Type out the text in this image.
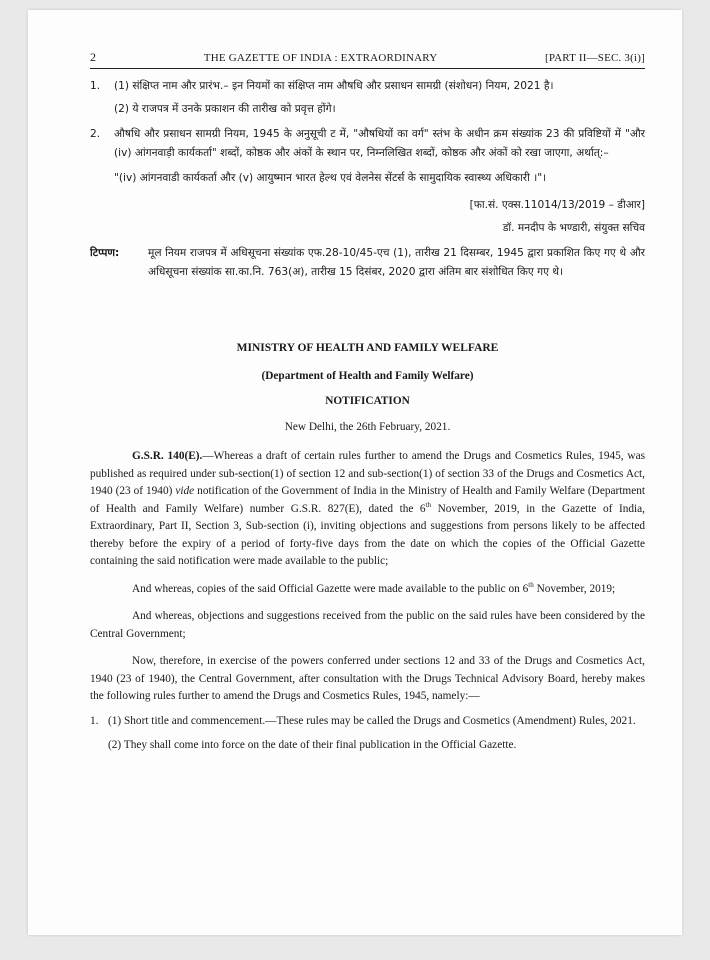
2	THE GAZETTE OF INDIA : EXTRAORDINARY	[PART II—SEC. 3(i)]
1.	(1) संक्षिप्त नाम और प्रारंभ.– इन नियमों का संक्षिप्त नाम औषधि और प्रसाधन सामग्री (संशोधन) नियम, 2021 है।
(2) ये राजपत्र में उनके प्रकाशन की तारीख को प्रवृत्त होंगे।
2.	औषधि और प्रसाधन सामग्री नियम, 1945 के अनुसूची ट में, "औषधियों का वर्ग" स्तंभ के अधीन क्रम संख्यांक 23 की प्रविष्टियों में "और (iv) आंगनवाड़ी कार्यकर्ता" शब्दों, कोष्ठक और अंकों के स्थान पर, निम्नलिखित शब्दों, कोष्ठक और अंकों को रखा जाएगा, अर्थात्:–
"(iv) आंगनवाडी कार्यकर्ता और (v) आयुष्मान भारत हेल्थ एवं वेलनेस सेंटर्स के सामुदायिक स्वास्थ्य अधिकारी ।"।
[फा.सं. एक्स.11014/13/2019 – डीआर]
डॉ. मनदीप के भण्डारी, संयुक्त सचिव
टिप्पण:	मूल नियम राजपत्र में अधिसूचना संख्यांक एफ.28-10/45-एच (1), तारीख 21 दिसम्बर, 1945 द्वारा प्रकाशित किए गए थे और अधिसूचना संख्यांक सा.का.नि. 763(अ), तारीख 15 दिसंबर, 2020 द्वारा अंतिम बार संशोधित किए गए थे।
MINISTRY OF HEALTH AND FAMILY WELFARE
(Department of Health and Family Welfare)
NOTIFICATION
New Delhi, the 26th February, 2021.
G.S.R. 140(E).—Whereas a draft of certain rules further to amend the Drugs and Cosmetics Rules, 1945, was published as required under sub-section(1) of section 12 and sub-section(1) of section 33 of the Drugs and Cosmetics Act, 1940 (23 of 1940) vide notification of the Government of India in the Ministry of Health and Family Welfare (Department of Health and Family Welfare) number G.S.R. 827(E), dated the 6th November, 2019, in the Gazette of India, Extraordinary, Part II, Section 3, Sub-section (i), inviting objections and suggestions from persons likely to be affected thereby before the expiry of a period of forty-five days from the date on which the copies of the Official Gazette containing the said notification were made available to the public;
And whereas, copies of the said Official Gazette were made available to the public on 6th November, 2019;
And whereas, objections and suggestions received from the public on the said rules have been considered by the Central Government;
Now, therefore, in exercise of the powers conferred under sections 12 and 33 of the Drugs and Cosmetics Act, 1940 (23 of 1940), the Central Government, after consultation with the Drugs Technical Advisory Board, hereby makes the following rules further to amend the Drugs and Cosmetics Rules, 1945, namely:—
1. (1) Short title and commencement.—These rules may be called the Drugs and Cosmetics (Amendment) Rules, 2021.
(2) They shall come into force on the date of their final publication in the Official Gazette.
